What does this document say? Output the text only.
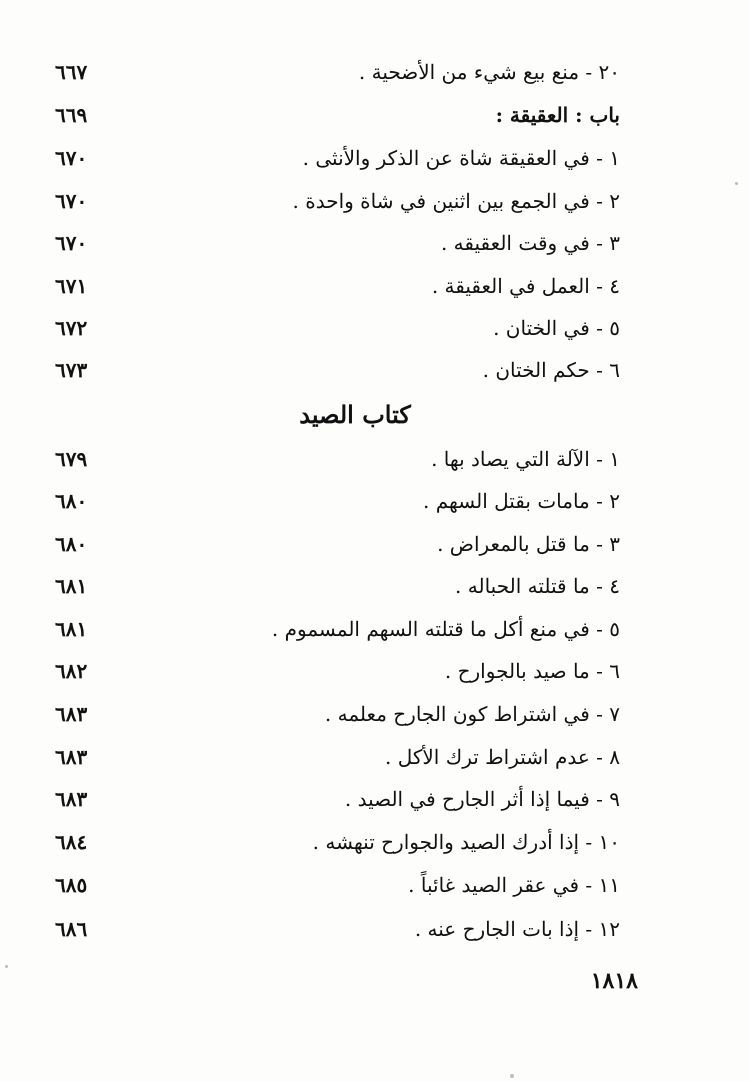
٢٠ - منع بيع شيء من الأضحية .
٦٦٧
باب : العقيقة :
٦٦٩
١ - في العقيقة شاة عن الذكر والأنثى .
٦٧٠
٢ - في الجمع بين اثنين في شاة واحدة .
٦٧٠
٣ - في وقت العقيقه .
٦٧٠
٤ - العمل في العقيقة .
٦٧١
٥ - في الختان .
٦٧٢
٦ - حكم الختان .
٦٧٣
كتاب الصيد
١ - الآلة التي يصاد بها .
٦٧٩
٢ - مامات بقتل السهم .
٦٨٠
٣ - ما قتل بالمعراض .
٦٨٠
٤ - ما قتلته الحباله .
٦٨١
٥ - في منع أكل ما قتلته السهم المسموم .
٦٨١
٦ - ما صيد بالجوارح .
٦٨٢
٧ - في اشتراط كون الجارح معلمه .
٦٨٣
٨ - عدم اشتراط ترك الأكل .
٦٨٣
٩ - فيما إذا أثر الجارح في الصيد .
٦٨٣
١٠ - إذا أدرك الصيد والجوارح تنهشه .
٦٨٤
١١ - في عقر الصيد غائباً .
٦٨٥
١٢ - إذا بات الجارح عنه .
٦٨٦
١٨١٨
